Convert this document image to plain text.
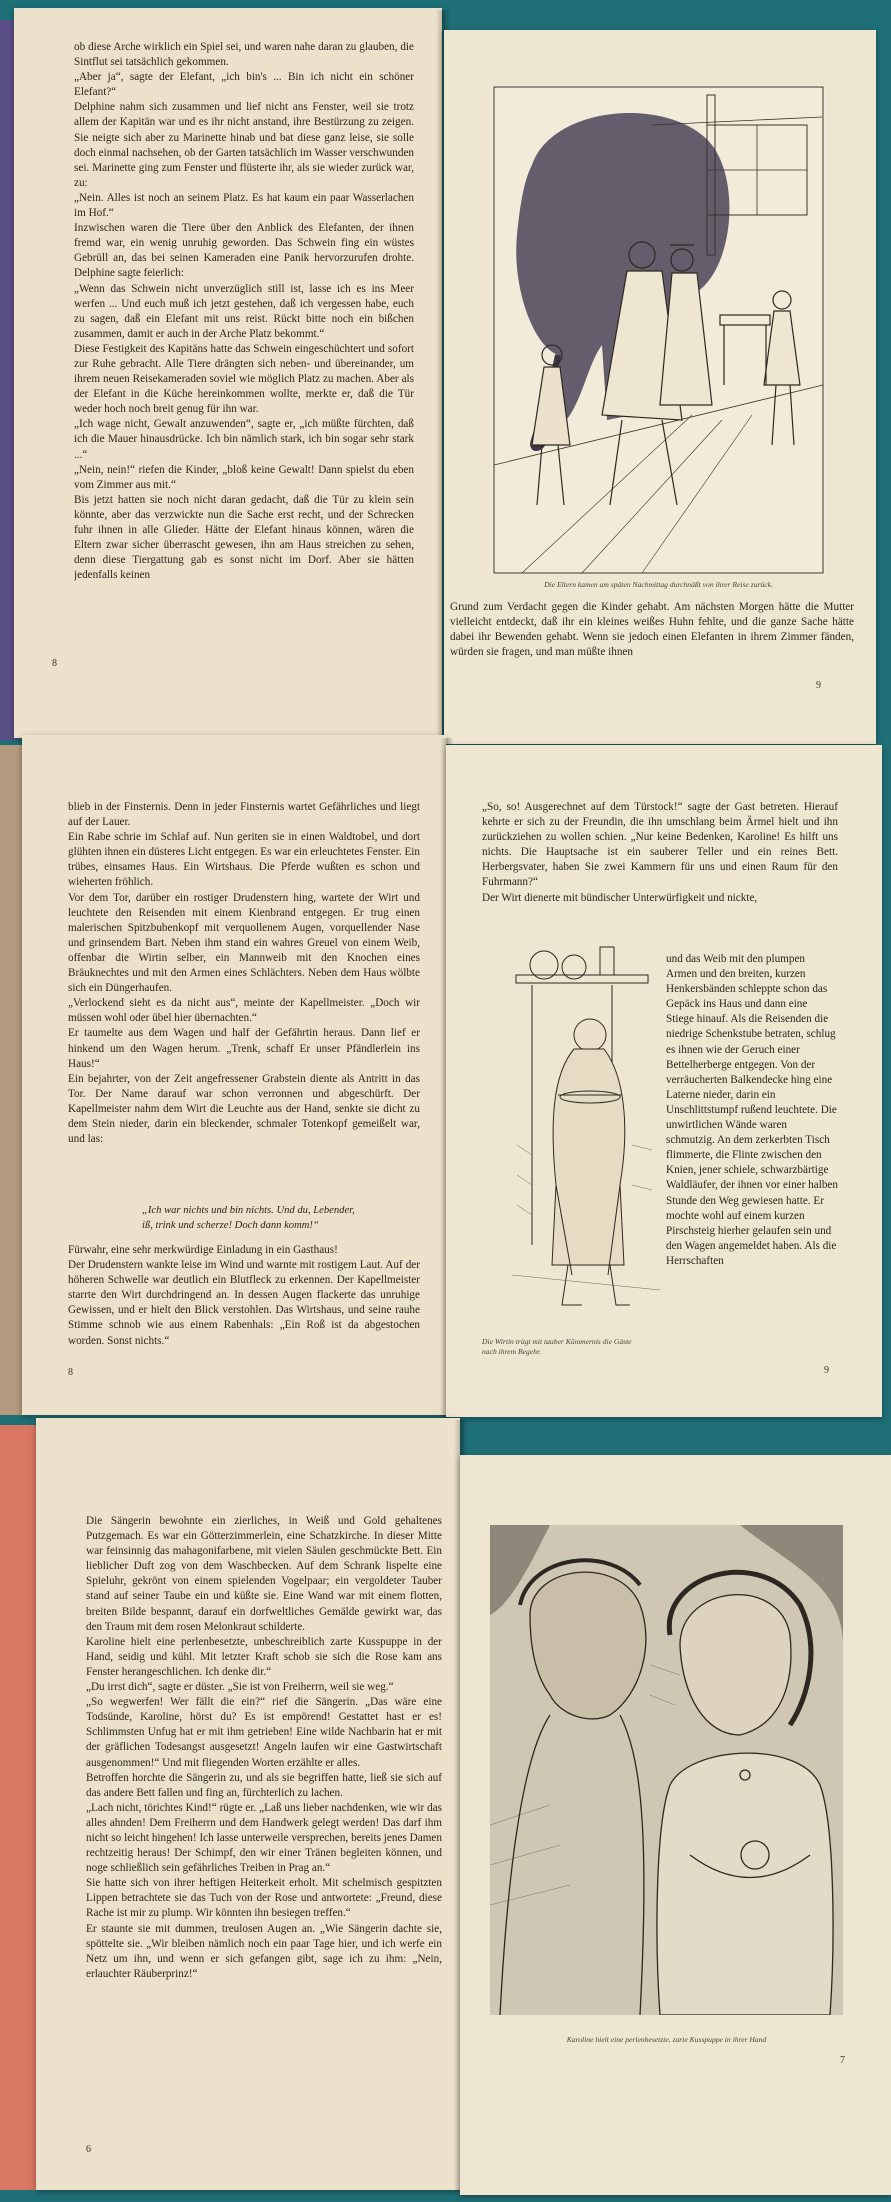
ob diese Arche wirklich ein Spiel sei, und waren nahe daran zu glauben, die Sintflut sei tatsächlich gekommen.
„Aber ja“, sagte der Elefant, „ich bin's ... Bin ich nicht ein schöner Elefant?“
Delphine nahm sich zusammen und lief nicht ans Fenster, weil sie trotz allem der Kapitän war und es ihr nicht anstand, ihre Bestürzung zu zeigen. Sie neigte sich aber zu Marinette hinab und bat diese ganz leise, sie solle doch einmal nachsehen, ob der Garten tatsächlich im Wasser verschwunden sei. Marinette ging zum Fenster und flüsterte ihr, als sie wieder zurück war, zu:
„Nein. Alles ist noch an seinem Platz. Es hat kaum ein paar Wasserlachen im Hof.“
Inzwischen waren die Tiere über den Anblick des Elefanten, der ihnen fremd war, ein wenig unruhig geworden. Das Schwein fing ein wüstes Gebrüll an, das bei seinen Kameraden eine Panik hervorzurufen drohte. Delphine sagte feierlich:
„Wenn das Schwein nicht unverzüglich still ist, lasse ich es ins Meer werfen ... Und euch muß ich jetzt gestehen, daß ich vergessen habe, euch zu sagen, daß ein Elefant mit uns reist. Rückt bitte noch ein bißchen zusammen, damit er auch in der Arche Platz bekommt.“
Diese Festigkeit des Kapitäns hatte das Schwein eingeschüchtert und sofort zur Ruhe gebracht. Alle Tiere drängten sich neben- und übereinander, um ihrem neuen Reisekameraden soviel wie möglich Platz zu machen. Aber als der Elefant in die Küche hereinkommen wollte, merkte er, daß die Tür weder hoch noch breit genug für ihn war.
„Ich wage nicht, Gewalt anzuwenden“, sagte er, „ich müßte fürchten, daß ich die Mauer hinausdrücke. Ich bin nämlich stark, ich bin sogar sehr stark ...“
„Nein, nein!“ riefen die Kinder, „bloß keine Gewalt! Dann spielst du eben vom Zimmer aus mit.“
Bis jetzt hatten sie noch nicht daran gedacht, daß die Tür zu klein sein könnte, aber das verzwickte nun die Sache erst recht, und der Schrecken fuhr ihnen in alle Glieder. Hätte der Elefant hinaus können, wären die Eltern zwar sicher überrascht gewesen, ihn am Haus streichen zu sehen, denn diese Tiergattung gab es sonst nicht im Dorf. Aber sie hätten jedenfalls keinen
8
Die Eltern kamen am späten Nachmittag durchnäßt von ihrer Reise zurück.
Grund zum Verdacht gegen die Kinder gehabt. Am nächsten Morgen hätte die Mutter vielleicht entdeckt, daß ihr ein kleines weißes Huhn fehlte, und die ganze Sache hätte dabei ihr Bewenden gehabt. Wenn sie jedoch einen Elefanten in ihrem Zimmer fänden, würden sie fragen, und man müßte ihnen
9
blieb in der Finsternis. Denn in jeder Finsternis wartet Gefährliches und liegt auf der Lauer.
Ein Rabe schrie im Schlaf auf. Nun geriten sie in einen Waldtobel, und dort glühten ihnen ein düsteres Licht entgegen. Es war ein erleuchtetes Fenster. Ein trübes, einsames Haus. Ein Wirtshaus. Die Pferde wußten es schon und wieherten fröhlich.
Vor dem Tor, darüber ein rostiger Drudenstern hing, wartete der Wirt und leuchtete den Reisenden mit einem Kienbrand entgegen. Er trug einen malerischen Spitzbubenkopf mit verquollenem Augen, vorquellender Nase und grinsendem Bart. Neben ihm stand ein wahres Greuel von einem Weib, offenbar die Wirtin selber, ein Mannweib mit den Knochen eines Bräuknechtes und mit den Armen eines Schlächters. Neben dem Haus wölbte sich ein Düngerhaufen.
„Verlockend sieht es da nicht aus“, meinte der Kapellmeister. „Doch wir müssen wohl oder übel hier übernachten.“
Er taumelte aus dem Wagen und half der Gefährtin heraus. Dann lief er hinkend um den Wagen herum. „Trenk, schaff Er unser Pfändlerlein ins Haus!“
Ein bejahrter, von der Zeit angefressener Grabstein diente als Antritt in das Tor. Der Name darauf war schon verronnen und abgeschürft. Der Kapellmeister nahm dem Wirt die Leuchte aus der Hand, senkte sie dicht zu dem Stein nieder, darin ein bleckender, schmaler Totenkopf gemeißelt war, und las:
„Ich war nichts und bin nichts. Und du, Lebender,
iß, trink und scherze! Doch dann komm!“
Fürwahr, eine sehr merkwürdige Einladung in ein Gasthaus!
Der Drudenstern wankte leise im Wind und warnte mit rostigem Laut. Auf der höheren Schwelle war deutlich ein Blutfleck zu erkennen. Der Kapellmeister starrte den Wirt durchdringend an. In dessen Augen flackerte das unruhige Gewissen, und er hielt den Blick verstohlen. Das Wirtshaus, und seine rauhe Stimme schnob wie aus einem Rabenhals: „Ein Roß ist da abgestochen worden. Sonst nichts.“
8
„So, so! Ausgerechnet auf dem Türstock!“ sagte der Gast betreten. Hierauf kehrte er sich zu der Freundin, die ihn umschlang beim Ärmel hielt und ihn zurückziehen zu wollen schien. „Nur keine Bedenken, Karoline! Es hilft uns nichts. Die Hauptsache ist ein sauberer Teller und ein reines Bett. Herbergsvater, haben Sie zwei Kammern für uns und einen Raum für den Fuhrmann?“
Der Wirt dienerte mit bündischer Unterwürfigkeit und nickte,
Die Wirtin trägt mit tauber Kümmernis die Gäste nach ihrem Begehr.
und das Weib mit den plumpen Armen und den breiten, kurzen Henkersbänden schleppte schon das Gepäck ins Haus und dann eine Stiege hinauf. Als die Reisenden die niedrige Schenkstube betraten, schlug es ihnen wie der Geruch einer Bettelherberge entgegen. Von der verräucherten Balkendecke hing eine Laterne nieder, darin ein Unschlittstumpf rußend leuchtete. Die unwirtlichen Wände waren schmutzig. An dem zerkerbten Tisch flimmerte, die Flinte zwischen den Knien, jener schiele, schwarzbärtige Waldläufer, der ihnen vor einer halben Stunde den Weg gewiesen hatte. Er mochte wohl auf einem kurzen Pirschsteig hierher gelaufen sein und den Wagen angemeldet haben. Als die Herrschaften
9
Die Sängerin bewohnte ein zierliches, in Weiß und Gold gehaltenes Putzgemach. Es war ein Götterzimmerlein, eine Schatzkirche. In dieser Mitte war feinsinnig das mahagonifarbene, mit vielen Säulen geschmückte Bett. Ein lieblicher Duft zog von dem Waschbecken. Auf dem Schrank lispelte eine Spieluhr, gekrönt von einem spielenden Vogelpaar; ein vergoldeter Tauber stand auf seiner Taube ein und küßte sie. Eine Wand war mit einem flotten, breiten Bilde bespannt, darauf ein dorfweltliches Gemälde gewirkt war, das den Traum mit dem rosen Melonkraut schilderte.
Karoline hielt eine perlenbesetzte, unbeschreiblich zarte Kusspuppe in der Hand, seidig und kühl. Mit letzter Kraft schob sie sich die Rose kam ans Fenster herangeschlichen. Ich denke dir.“
„Du irrst dich“, sagte er düster. „Sie ist von Freiherrn, weil sie weg.“
„So wegwerfen! Wer fällt die ein?“ rief die Sängerin. „Das wäre eine Todsünde, Karoline, hörst du? Es ist empörend! Gestattet hast er es! Schlimmsten Unfug hat er mit ihm getrieben! Eine wilde Nachbarin hat er mit der gräflichen Todesangst ausgesetzt! Angeln laufen wir eine Gastwirtschaft ausgenommen!“ Und mit fliegenden Worten erzählte er alles.
Betroffen horchte die Sängerin zu, und als sie begriffen hatte, ließ sie sich auf das andere Bett fallen und fing an, fürchterlich zu lachen.
„Lach nicht, törichtes Kind!“ rügte er. „Laß uns lieber nachdenken, wie wir das alles ahnden! Dem Freiherrn und dem Handwerk gelegt werden! Das darf ihm nicht so leicht hingehen! Ich lasse unterweile versprechen, bereits jenes Damen rechtzeitig heraus! Der Schimpf, den wir einer Tränen begleiten können, und noge schließlich sein gefährliches Treiben in Prag an.“
Sie hatte sich von ihrer heftigen Heiterkeit erholt. Mit schelmisch gespitzten Lippen betrachtete sie das Tuch von der Rose und antwortete: „Freund, diese Rache ist mir zu plump. Wir könnten ihn besiegen treffen.“
Er staunte sie mit dummen, treulosen Augen an. „Wie Sängerin dachte sie, spöttelte sie. „Wir bleiben nämlich noch ein paar Tage hier, und ich werfe ein Netz um ihn, und wenn er sich gefangen gibt, sage ich zu ihm: „Nein, erlauchter Räuberprinz!“
6
Karoline hielt eine perlenbesetzte, zarte Kusspuppe in ihrer Hand
7
